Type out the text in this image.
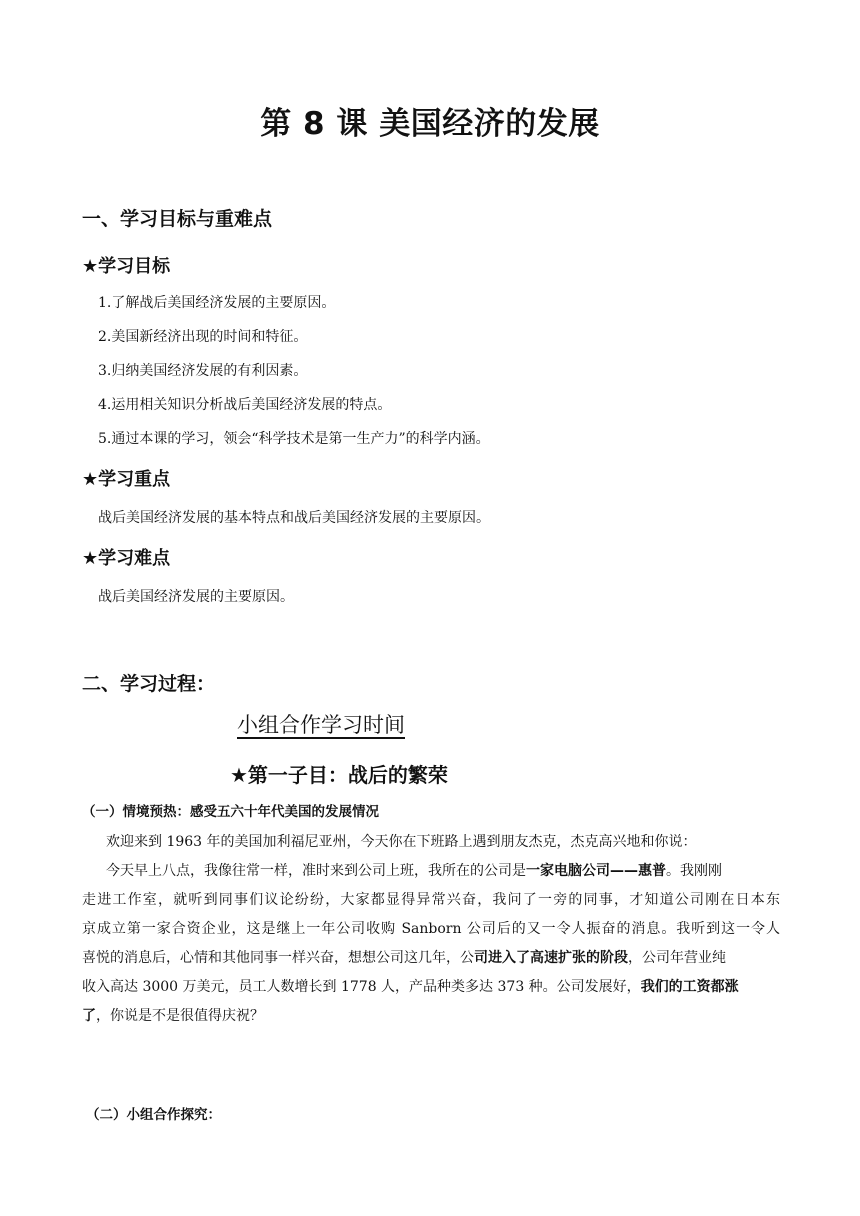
第 8 课 美国经济的发展
一、学习目标与重难点
★学习目标
1.了解战后美国经济发展的主要原因。
2.美国新经济出现的时间和特征。
3.归纳美国经济发展的有利因素。
4.运用相关知识分析战后美国经济发展的特点。
5.通过本课的学习，领会“科学技术是第一生产力”的科学内涵。
★学习重点
战后美国经济发展的基本特点和战后美国经济发展的主要原因。
★学习难点
战后美国经济发展的主要原因。
二、学习过程：
小组合作学习时间
★第一子目：战后的繁荣
（一）情境预热：感受五六十年代美国的发展情况
欢迎来到 1963 年的美国加利福尼亚州，今天你在下班路上遇到朋友杰克，杰克高兴地和你说：
今天早上八点，我像往常一样，准时来到公司上班，我所在的公司是一家电脑公司——惠普。我刚刚
走进工作室，就听到同事们议论纷纷，大家都显得异常兴奋，我问了一旁的同事，才知道公司刚在日本东
京成立第一家合资企业，这是继上一年公司收购 Sanborn 公司后的又一令人振奋的消息。我听到这一令人
喜悦的消息后，心情和其他同事一样兴奋，想想公司这几年，公司进入了高速扩张的阶段，公司年营业纯
收入高达 3000 万美元，员工人数增长到 1778 人，产品种类多达 373 种。公司发展好，我们的工资都涨
了，你说是不是很值得庆祝？
（二）小组合作探究：
